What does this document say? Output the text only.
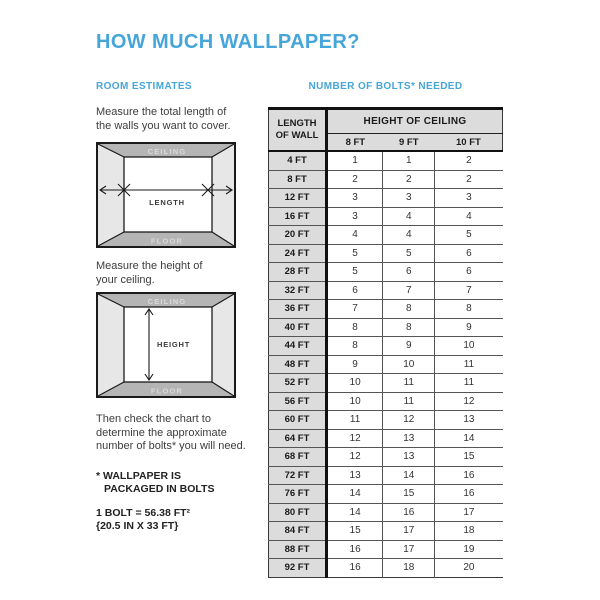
HOW MUCH WALLPAPER?
ROOM ESTIMATES
Measure the total length of
the walls you want to cover.
CEILING
FLOOR
LENGTH
Measure the height of
your ceiling.
CEILING
FLOOR
HEIGHT
Then check the chart to
determine the approximate
number of bolts* you will need.
* WALLPAPER IS
PACKAGED IN BOLTS
1 BOLT = 56.38 FT²
{20.5 IN X 33 FT}
NUMBER OF BOLTS* NEEDED
LENGTH
OF WALL	HEIGHT OF CEILING		
	8 FT	9 FT	10 FT
4 FT	1	1	2
8 FT	2	2	2
12 FT	3	3	3
16 FT	3	4	4
20 FT	4	4	5
24 FT	5	5	6
28 FT	5	6	6
32 FT	6	7	7
36 FT	7	8	8
40 FT	8	8	9
44 FT	8	9	10
48 FT	9	10	11
52 FT	10	11	11
56 FT	10	11	12
60 FT	11	12	13
64 FT	12	13	14
68 FT	12	13	15
72 FT	13	14	16
76 FT	14	15	16
80 FT	14	16	17
84 FT	15	17	18
88 FT	16	17	19
92 FT	16	18	20
